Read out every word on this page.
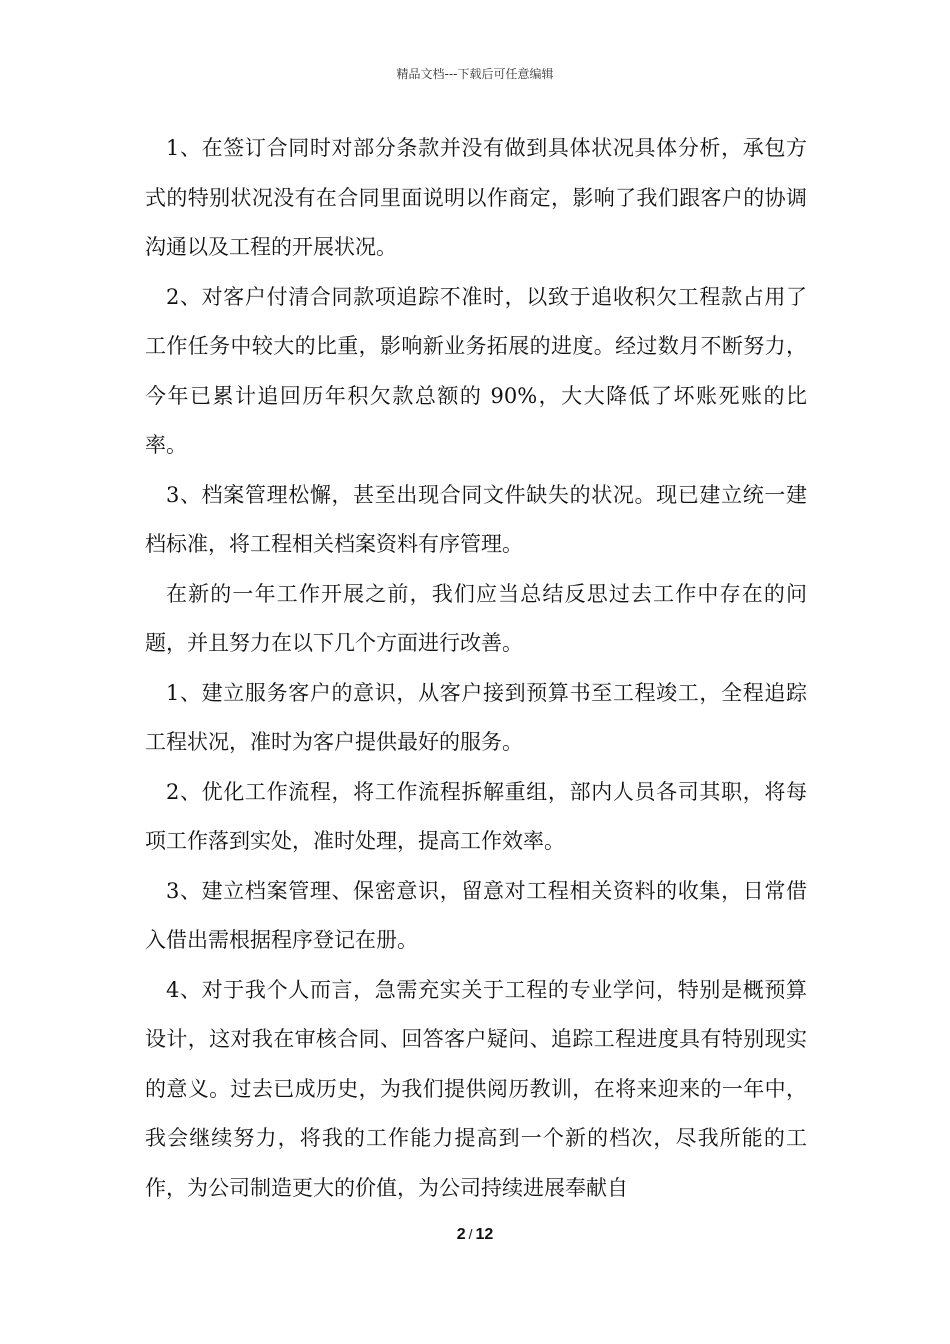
精品文档---下载后可任意编辑

1、在签订合同时对部分条款并没有做到具体状况具体分析，承包方式的特别状况没有在合同里面说明以作商定，影响了我们跟客户的协调沟通以及工程的开展状况。

2、对客户付清合同款项追踪不准时，以致于追收积欠工程款占用了工作任务中较大的比重，影响新业务拓展的进度。经过数月不断努力，今年已累计追回历年积欠款总额的 90%，大大降低了坏账死账的比率。

3、档案管理松懈，甚至出现合同文件缺失的状况。现已建立统一建档标准，将工程相关档案资料有序管理。

在新的一年工作开展之前，我们应当总结反思过去工作中存在的问题，并且努力在以下几个方面进行改善。

1、建立服务客户的意识，从客户接到预算书至工程竣工，全程追踪工程状况，准时为客户提供最好的服务。

2、优化工作流程，将工作流程拆解重组，部内人员各司其职，将每项工作落到实处，准时处理，提高工作效率。

3、建立档案管理、保密意识，留意对工程相关资料的收集，日常借入借出需根据程序登记在册。

4、对于我个人而言，急需充实关于工程的专业学问，特别是概预算设计，这对我在审核合同、回答客户疑问、追踪工程进度具有特别现实的意义。过去已成历史，为我们提供阅历教训，在将来迎来的一年中，我会继续努力，将我的工作能力提高到一个新的档次，尽我所能的工作，为公司制造更大的价值，为公司持续进展奉献自

2 / 12
